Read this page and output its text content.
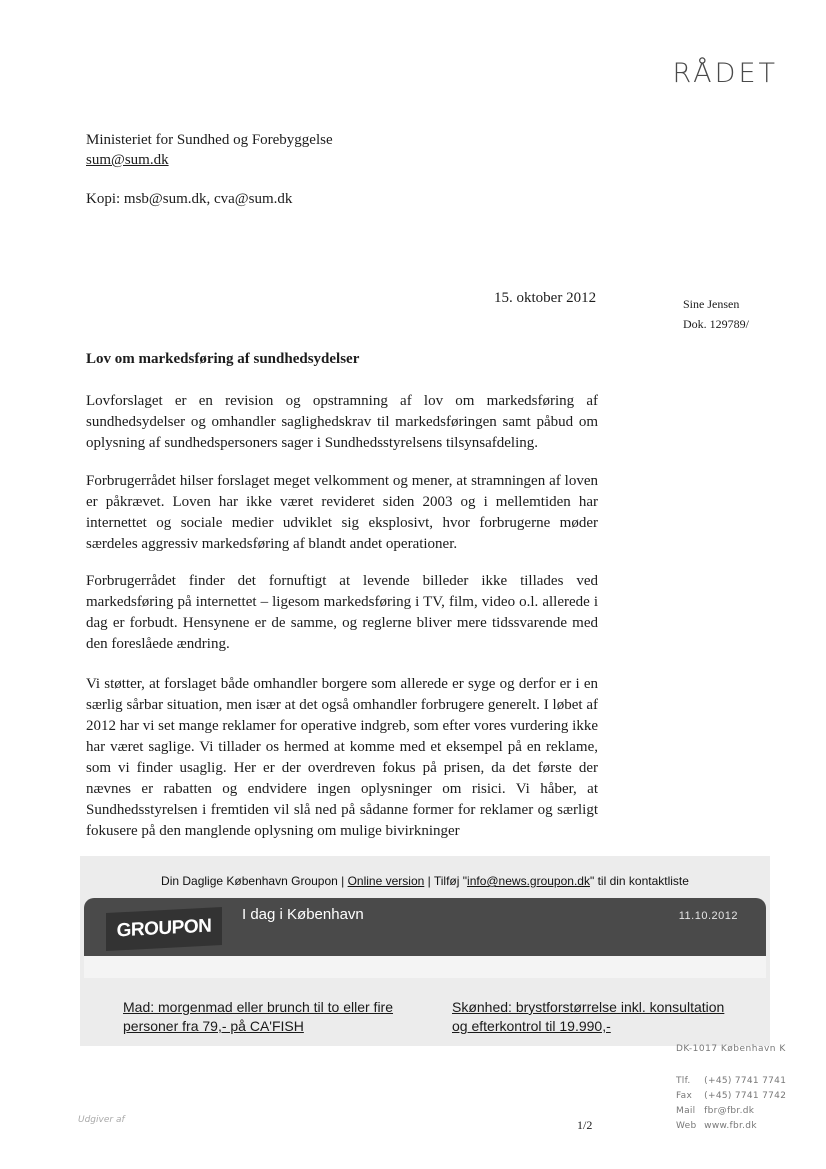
RÅDET
Ministeriet for Sundhed og Forebyggelse
sum@sum.dk
Kopi: msb@sum.dk, cva@sum.dk
15. oktober 2012	Sine Jensen
Dok. 129789/
Lov om markedsføring af sundhedsydelser

Lovforslaget er en revision og opstramning af lov om markedsføring af sundhedsydelser og omhandler saglighedskrav til markedsføringen samt påbud om oplysning af sundhedspersoners sager i Sundhedsstyrelsens tilsynsafdeling.

Forbrugerrådet hilser forslaget meget velkomment og mener, at stramningen af loven er påkrævet. Loven har ikke været revideret siden 2003 og i mellemtiden har internettet og sociale medier udviklet sig eksplosivt, hvor forbrugerne møder særdeles aggressiv markedsføring af blandt andet operationer.

Forbrugerrådet finder det fornuftigt at levende billeder ikke tillades ved markedsføring på internettet – ligesom markedsføring i TV, film, video o.l. allerede i dag er forbudt. Hensynene er de samme, og reglerne bliver mere tidssvarende med den foreslåede ændring.

Vi støtter, at forslaget både omhandler borgere som allerede er syge og derfor er i en særlig sårbar situation, men især at det også omhandler forbrugere generelt. I løbet af 2012 har vi set mange reklamer for operative indgreb, som efter vores vurdering ikke har været saglige. Vi tillader os hermed at komme med et eksempel på en reklame, som vi finder usaglig. Her er der overdreven fokus på prisen, da det første der nævnes er rabatten og endvidere ingen oplysninger om risici. Vi håber, at Sundhedsstyrelsen i fremtiden vil slå ned på sådanne former for reklamer og særligt fokusere på den manglende oplysning om mulige bivirkninger

Din Daglige København Groupon | Online version | Tilføj "info@news.groupon.dk" til din kontaktliste
GROUPON
I dag i København	11.10.2012
Mad: morgenmad eller brunch til to eller fire personer fra 79,- på CA'FISH
Skønhed: brystforstørrelse inkl. konsultation og efterkontrol til 19.990,-
DK-1017 København K
Tlf. (+45) 7741 7741
Fax (+45) 7741 7742
Mail fbr@fbr.dk
Web www.fbr.dk
Udgiver af	1/2
